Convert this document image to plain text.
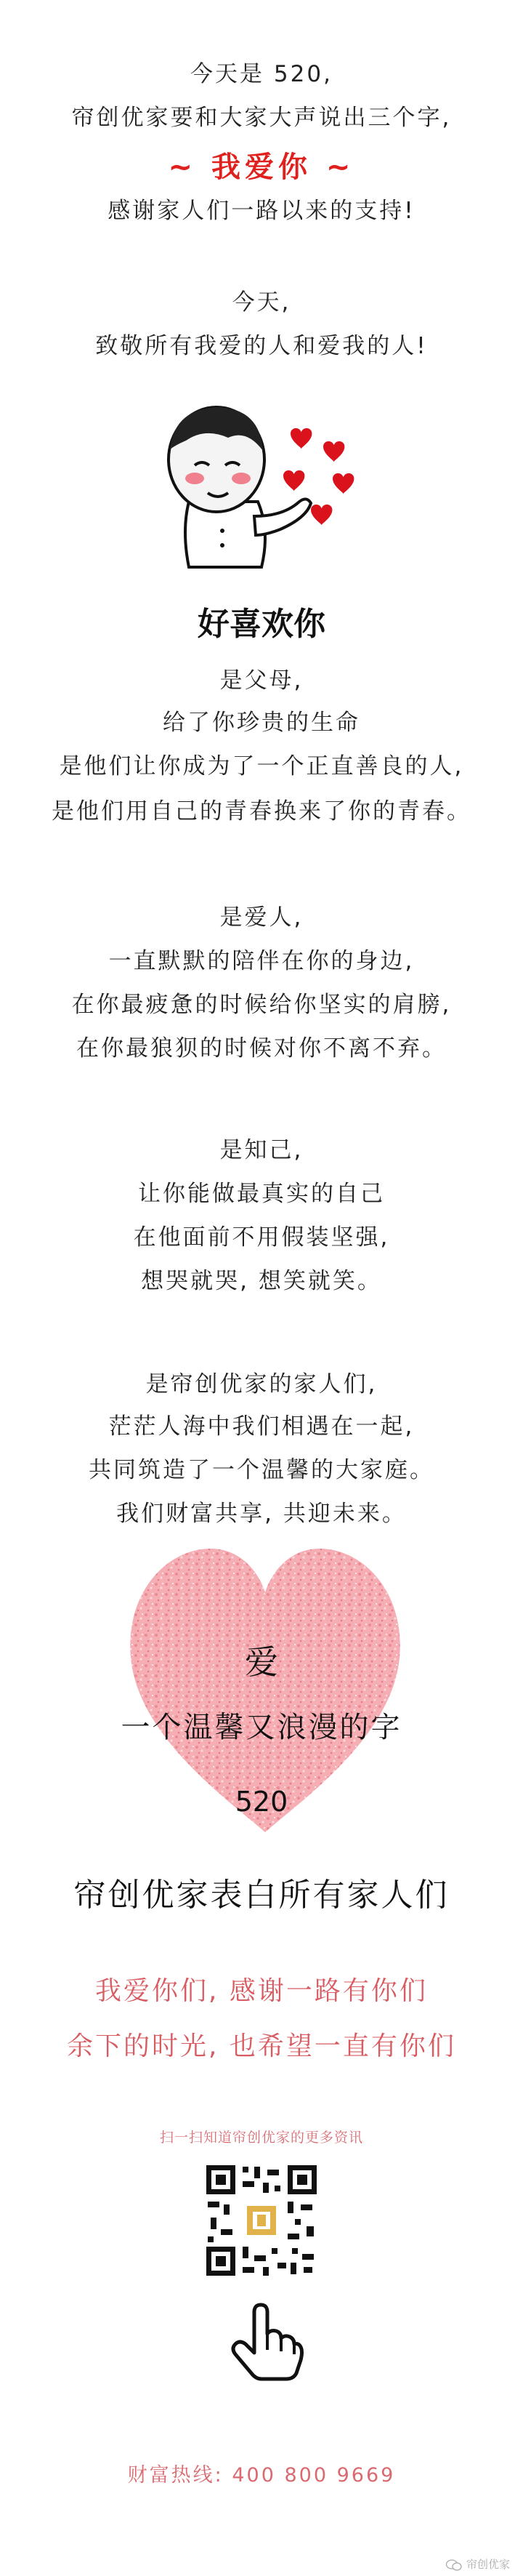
今天是 520,
帘创优家要和大家大声说出三个字,
~ 我爱你 ~
感谢家人们一路以来的支持!
今天,
致敬所有我爱的人和爱我的人!
好喜欢你
是父母,
给了你珍贵的生命
是他们让你成为了一个正直善良的人,
是他们用自己的青春换来了你的青春。
是爱人,
一直默默的陪伴在你的身边,
在你最疲惫的时候给你坚实的肩膀,
在你最狼狈的时候对你不离不弃。
是知己,
让你能做最真实的自己
在他面前不用假装坚强,
想哭就哭, 想笑就笑。
是帘创优家的家人们,
茫茫人海中我们相遇在一起,
共同筑造了一个温馨的大家庭。
我们财富共享, 共迎未来。
爱
一个温馨又浪漫的字
520
帘创优家表白所有家人们
我爱你们, 感谢一路有你们
余下的时光, 也希望一直有你们
扫一扫知道帘创优家的更多资讯
财富热线: 400 800 9669
帘创优家
